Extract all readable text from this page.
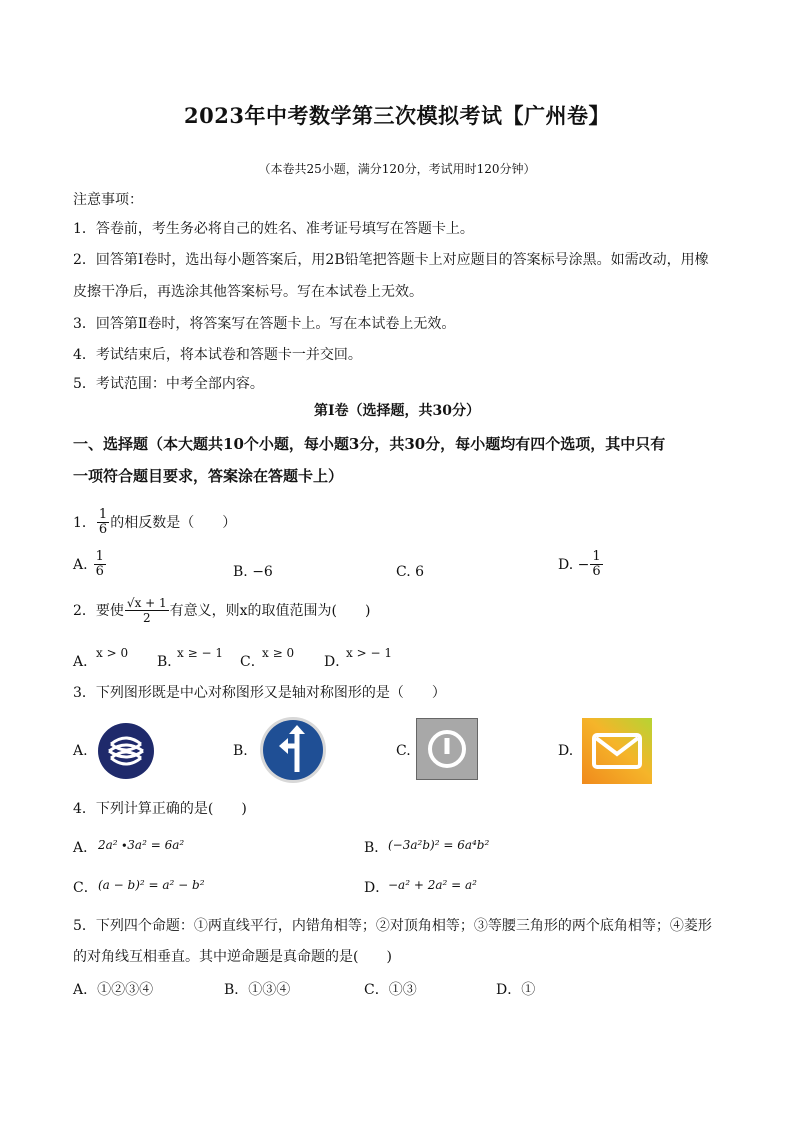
2023年中考数学第三次模拟考试【广州卷】
（本卷共25小题，满分120分，考试用时120分钟）
注意事项：
1．答卷前，考生务必将自己的姓名、准考证号填写在答题卡上。
2．回答第Ⅰ卷时，选出每小题答案后，用2B铅笔把答题卡上对应题目的答案标号涂黑。如需改动，用橡
皮擦干净后，再选涂其他答案标号。写在本试卷上无效。
3．回答第Ⅱ卷时，将答案写在答题卡上。写在本试卷上无效。
4．考试结束后，将本试卷和答题卡一并交回。
5．考试范围：中考全部内容。
第Ⅰ卷（选择题，共30分）
一、选择题（本大题共10个小题，每小题3分，共30分，每小题均有四个选项，其中只有
一项符合题目要求，答案涂在答题卡上）
1． $\frac{1}{6}$ 的相反数是（　　）
A. $\frac{1}{6}$	B. −6	C. 6	D. − $\frac{1}{6}$
2．要使 $\frac{√x + 1}{2}$ 有意义，则x的取值范围为(　　)
A．
x > 0
B．
x ≥ − 1
C．
x ≥ 0
D．
x > − 1
3．下列图形既是中心对称图形又是轴对称图形的是（　　）
A.	B.	C.	D.
4．下列计算正确的是(　　)
A． 2a² ∙3a² = 6a²	B． (−3a²b)² = 6a⁴b²
C． (a − b)² = a² − b²	D．
−a² + 2a² = a²
5．下列四个命题：①两直线平行，内错角相等；②对顶角相等；③等腰三角形的两个底角相等；④菱形
的对角线互相垂直。其中逆命题是真命题的是(　　)
A．①②③④	B．①③④	C．①③	D．①
